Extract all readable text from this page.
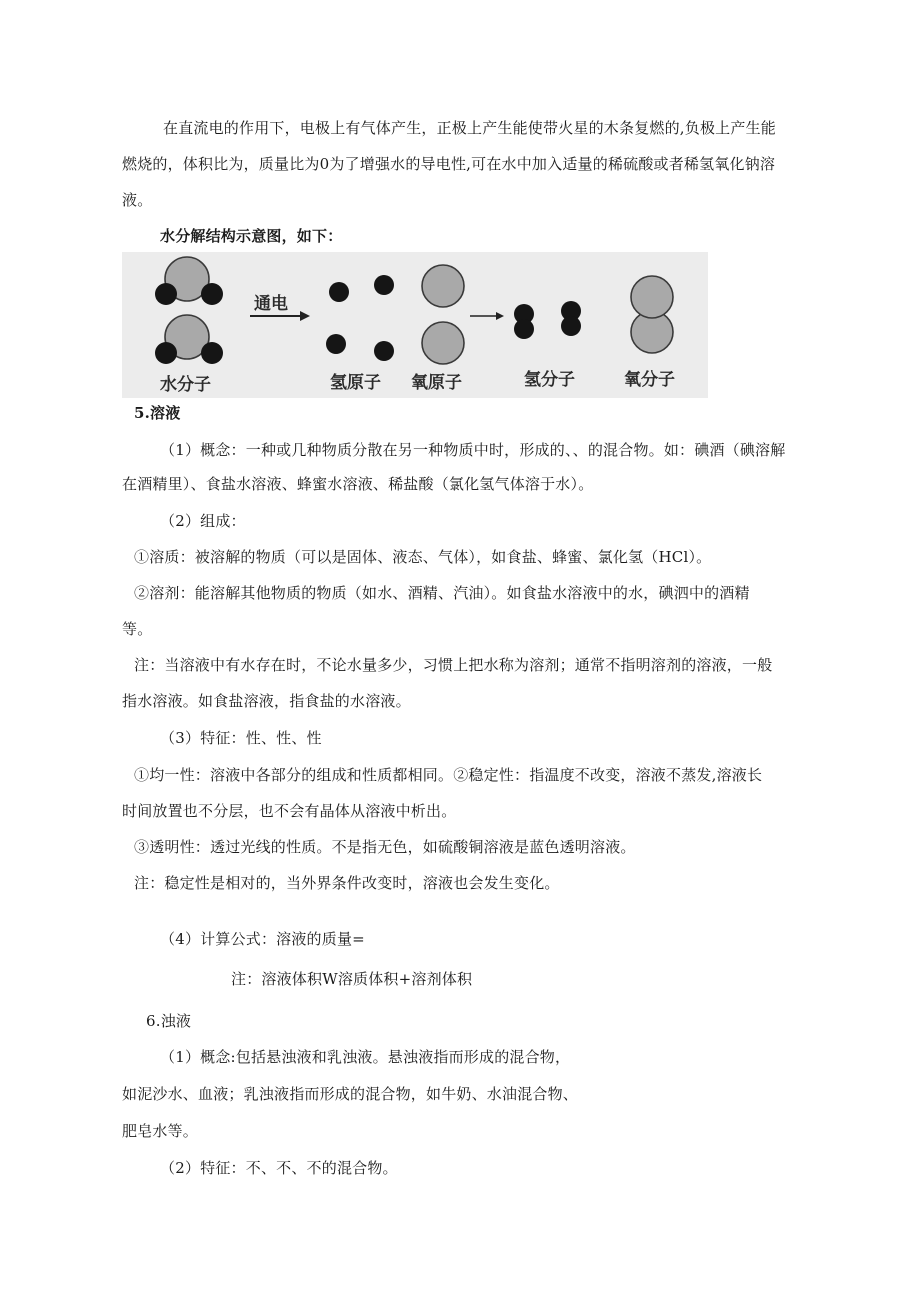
在直流电的作用下，电极上有气体产生，正极上产生能使带火星的木条复燃的,负极上产生能
燃烧的，体积比为，质量比为0为了增强水的导电性,可在水中加入适量的稀硫酸或者稀氢氧化钠溶
液。
水分解结构示意图，如下：
水分子
通电
氢原子 氧原子	氢分子	氧分子
5.溶液
（1）概念：一种或几种物质分散在另一种物质中时，形成的、、的混合物。如：碘酒（碘溶解
在酒精里）、食盐水溶液、蜂蜜水溶液、稀盐酸（氯化氢气体溶于水）。
（2）组成：
①溶质：被溶解的物质（可以是固体、液态、气体），如食盐、蜂蜜、氯化氢（HCl）。
②溶剂：能溶解其他物质的物质（如水、酒精、汽油）。如食盐水溶液中的水，碘泗中的酒精
等。
注：当溶液中有水存在时，不论水量多少，习惯上把水称为溶剂；通常不指明溶剂的溶液，一般
指水溶液。如食盐溶液，指食盐的水溶液。
（3）特征：性、性、性
①均一性：溶液中各部分的组成和性质都相同。②稳定性：指温度不改变，溶液不蒸发,溶液长
时间放置也不分层，也不会有晶体从溶液中析出。
③透明性：透过光线的性质。不是指无色，如硫酸铜溶液是蓝色透明溶液。
注：稳定性是相对的，当外界条件改变时，溶液也会发生变化。
（4）计算公式：溶液的质量=
注：溶液体积W溶质体积+溶剂体积
6.浊液
（1）概念:包括悬浊液和乳浊液。悬浊液指而形成的混合物，
如泥沙水、血液；乳浊液指而形成的混合物，如牛奶、水油混合物、
肥皂水等。
（2）特征：不、不、不的混合物。
